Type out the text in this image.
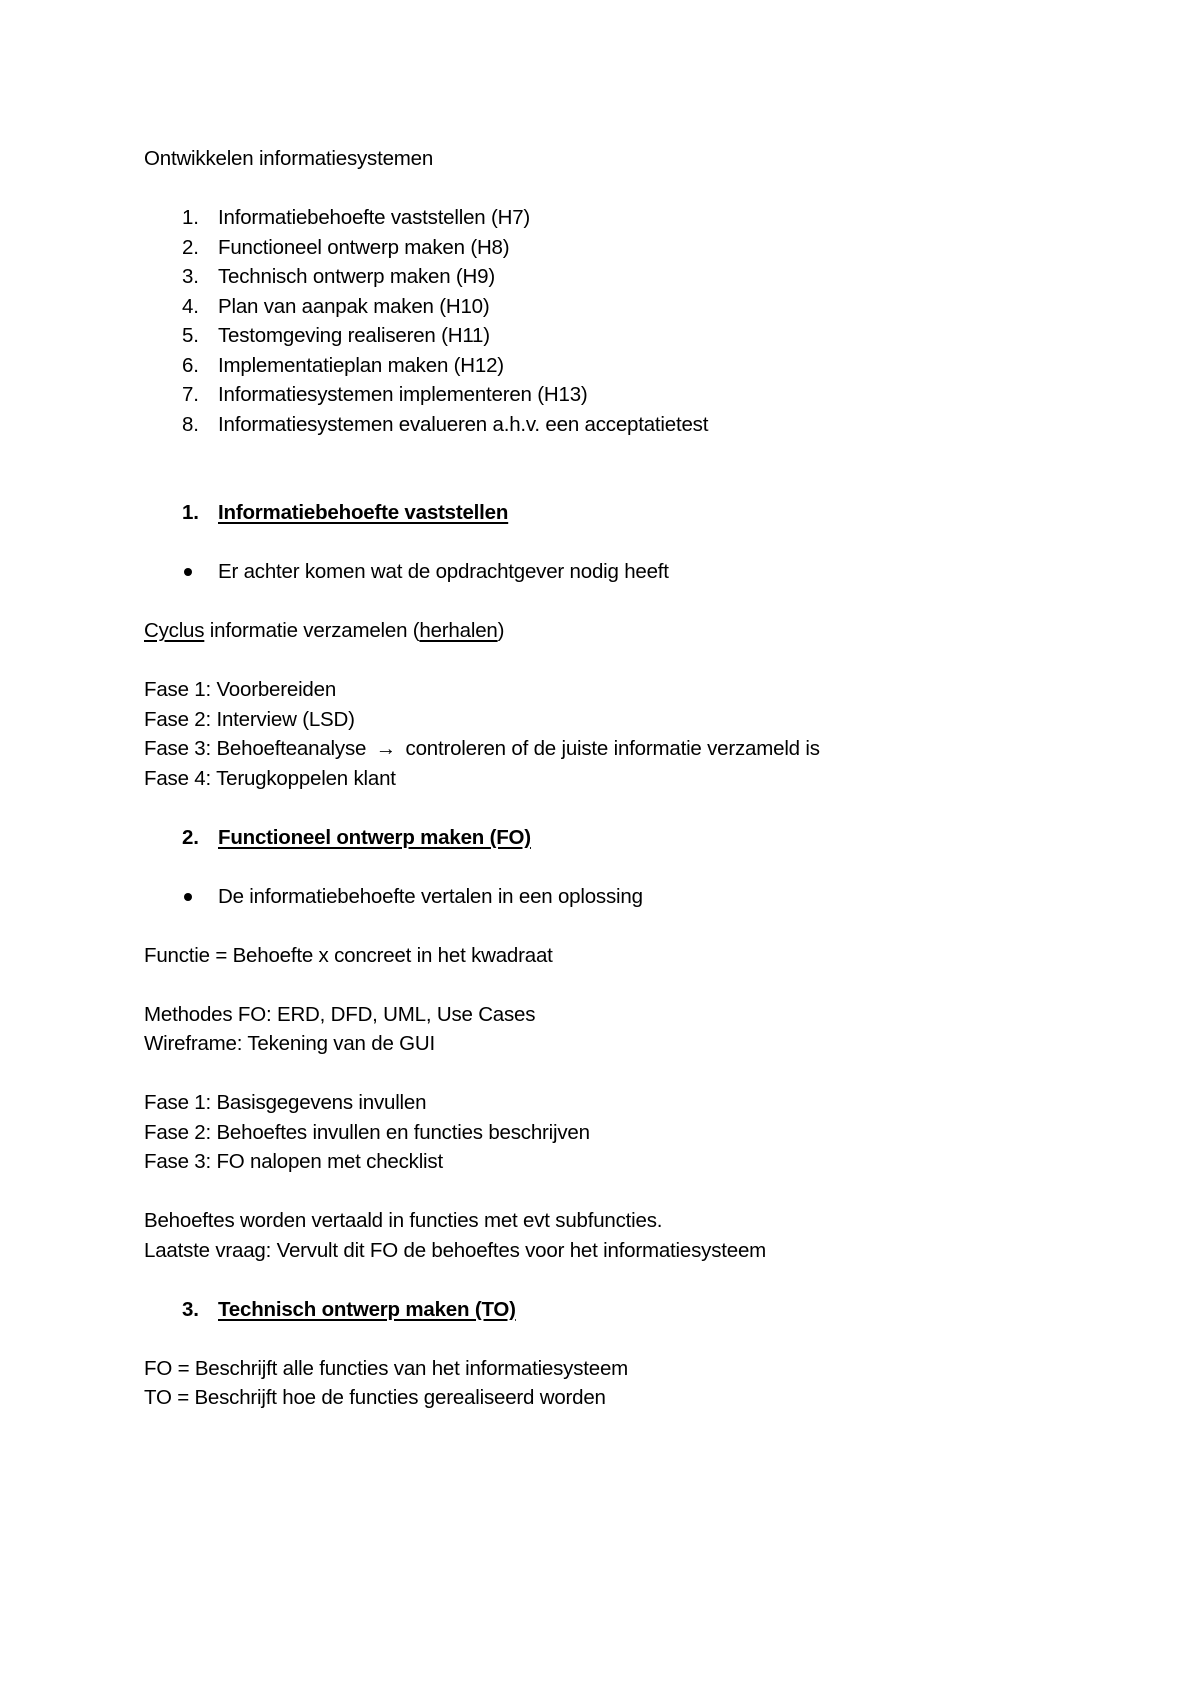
Ontwikkelen informatiesystemen
1. Informatiebehoefte vaststellen (H7)
2. Functioneel ontwerp maken (H8)
3. Technisch ontwerp maken (H9)
4. Plan van aanpak maken (H10)
5. Testomgeving realiseren (H11)
6. Implementatieplan maken (H12)
7. Informatiesystemen implementeren (H13)
8. Informatiesystemen evalueren a.h.v. een acceptatietest
1. Informatiebehoefte vaststellen
Er achter komen wat de opdrachtgever nodig heeft
Cyclus informatie verzamelen (herhalen)
Fase 1: Voorbereiden
Fase 2: Interview (LSD)
Fase 3: Behoefteanalyse → controleren of de juiste informatie verzameld is
Fase 4: Terugkoppelen klant
2. Functioneel ontwerp maken (FO)
De informatiebehoefte vertalen in een oplossing
Functie = Behoefte x concreet in het kwadraat
Methodes FO: ERD, DFD, UML, Use Cases
Wireframe: Tekening van de GUI
Fase 1: Basisgegevens invullen
Fase 2: Behoeftes invullen en functies beschrijven
Fase 3: FO nalopen met checklist
Behoeftes worden vertaald in functies met evt subfuncties.
Laatste vraag: Vervult dit FO de behoeftes voor het informatiesysteem
3. Technisch ontwerp maken (TO)
FO = Beschrijft alle functies van het informatiesysteem
TO = Beschrijft hoe de functies gerealiseerd worden
